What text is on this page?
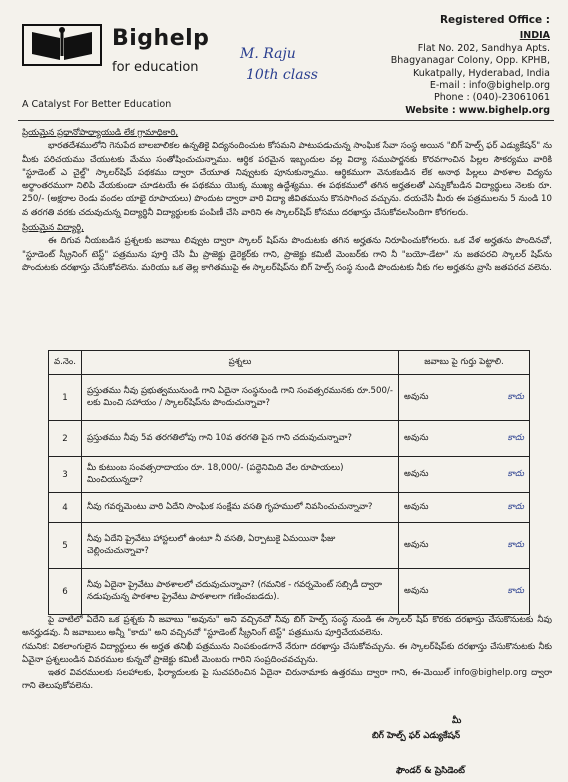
Bighelp
for education
A Catalyst For Better Education
M. Raju
10th class
Registered Office :
INDIA
Flat No. 202, Sandhya Apts.
Bhagyanagar Colony, Opp. KPHB,
Kukatpally, Hyderabad, India
E-mail : info@bighelp.org
Phone : (040)-23061061
Website : www.bighelp.org
ప్రియమైన ప్రధానోపాధ్యాయుడి లేక గ్రామాధికారి,
భారతదేశములోని గెనుపేద బాలబాలికల ఉన్నతికై విద్యనందించుట కోసమని పాటుపడుచున్న సాంఘిక సేవా సంస్థ అయిన "బిగ్ హెల్ప్ ఫర్ ఎడ్యుకేషన్" ను మీకు పరిచయము చేయుటకు మేము సంతోషించుచున్నాము. ఆర్థిక పరమైన ఇబ్బందుల వల్ల విద్యా సముపార్జనకు కొరవగాంచిన పిల్లల సౌకర్యము వారికి "స్టూడెంట్ ఎ చైల్డ్" స్కాలర్‌షిప్ పథకము ద్వారా చేయూత నివ్వుటకు పూనుకున్నాము. ఆర్థికముగా వెనుకబడిన లేక అనాథ పిల్లలు పాఠశాల విద్యను అర్థాంతరముగా నిలిపి వేయకుండా చూడటయే ఈ పథకము యొక్క ముఖ్య ఉద్దేశ్యము. ఈ పథకములో తగిన అర్హతలతో ఎన్నుకోబడిన విద్యార్థులు నెలకు రూ. 250/- (అక్షరాల రెండు వందల యాభై రూపాయలు) పొందుట ద్వారా వారి విద్యా జీవితమును కొనసాగించ వచ్చును. దయచేసి మీరు ఈ పత్రములను 5 నుండి 10 వ తరగతి వరకు చదువుచున్న విద్యార్థినీ విద్యార్థులకు పంపిణీ చేసి వారిని ఈ స్కాలర్‌షిప్ కోసము దరఖాస్తు చేసుకోవలసిందిగా కోరగలరు.
ప్రియమైన విద్యార్థి,
ఈ దిగువ నీయబడిన ప్రశ్నలకు జవాబు లివ్వుట ద్వారా స్కాలర్ షిప్‌ను పొందుటకు తగిన అర్హతను నిరూపించుకోగలరు. ఒక వేళ అర్హతను పొందినచో, "స్టూడెంట్ స్క్రీనింగ్ టెస్ట్" పత్రమును పూర్తి చేసి మీ ప్రాజెక్టు డైరెక్టర్‌కు గాని, ప్రాజెక్టు కమిటీ మెంబర్‌కు గాని నీ "బయో-డేటా" ను జతపరచి స్కాలర్ షిప్‌ను పొందుటకు దరఖాస్తు చేసుకోవలెను. మరియు ఒక తెల్ల కాగితముపై ఈ స్కాలర్‌షిప్‌ను బిగ్ హెల్ప్ సంస్థ నుండి పొందుటకు నీకు గల అర్హతను వ్రాసి జతపరచ వలెను.
వ.నెం.	ప్రశ్నలు	జవాబు పై గుర్తు పెట్టాలి.
1	ప్రస్తుతము నీవు ప్రభుత్వమునుండి గాని ఏదైనా సంస్థనుండి గాని సంవత్సరమునకు రూ.500/- లకు మించి సహాయం / స్కాలర్‌షిప్‌ను పొందుచున్నావా?	అవును కాదు

2	ప్రస్తుతము నీవు 5వ తరగతిలోపు గాని 10వ తరగతి పైన గాని చదువుచున్నావా?	అవును కాదు

3	మీ కుటుంబ సంవత్సరాదాయం రూ. 18,000/- (పద్దెనిమిది వేల రూపాయలు) మించియున్నదా?	అవును కాదు

4	నీవు గవర్నమెంటు వారి ఏదేని సాంఘిక సంక్షేమ వసతి గృహములో నివసించుచున్నావా?	అవును కాదు

5	నీవు ఏదేని ప్రైవేటు హాస్టలులో ఉంటూ నీ వసతి, ఏర్పాటుకై ఏమయినా ఫీజు చెల్లించుచున్నావా?	అవును కాదు

6	నీవు ఏదైనా ప్రైవేటు పాఠశాలలో చదువుచున్నావా? (గమనిక - గవర్నమెంట్ సబ్సిడీ ద్వారా నడుపుచున్న పాఠశాల ప్రైవేటు పాఠశాలగా గణించబడదు).	అవును కాదు
పై వాటిలో ఏదేని ఒక ప్రశ్నకు నీ జవాబు "అవును" అని వచ్చినచో నీవు బిగ్ హెల్ప్ సంస్థ నుండి ఈ స్కాలర్ షిప్ కొరకు దరఖాస్తు చేసుకొనుటకు నీవు అనర్హుడవు. నీ జవాబులు అన్నీ "కాదు" అని వచ్చినచో "స్టూడెంట్ స్క్రీనింగ్ టెస్ట్" పత్రమును పూర్తిచేయవలెను.
గమనిక: వికలాంగులైన విద్యార్థులు ఈ అర్హత తనిఖీ పత్రమును నింపకుండగానే నేరుగా దరఖాస్తు చేసుకోవచ్చును. ఈ స్కాలర్‌షిప్‌కు దరఖాస్తు చేసుకొనుటకు నీకు ఏవైనా ప్రశ్నలుండిన వివరముల కున్నచో ప్రాజెక్టు కమిటీ మెంబరు గారిని సంప్రదించవచ్చును.
ఇతర వివరములకు సలహాలకు, ఫిర్యాదులకు పై సుచపరించిన ఏదైనా చిరునామాకు ఉత్తరము ద్వారా గాని, ఈ-మెయిల్ info@bighelp.org ద్వారా గాని తెలుపుకోవలెను.
మీ
బిగ్ హెల్ప్ ఫర్ ఎడ్యుకేషన్
ఫౌండర్ & ప్రెసిడెంట్
